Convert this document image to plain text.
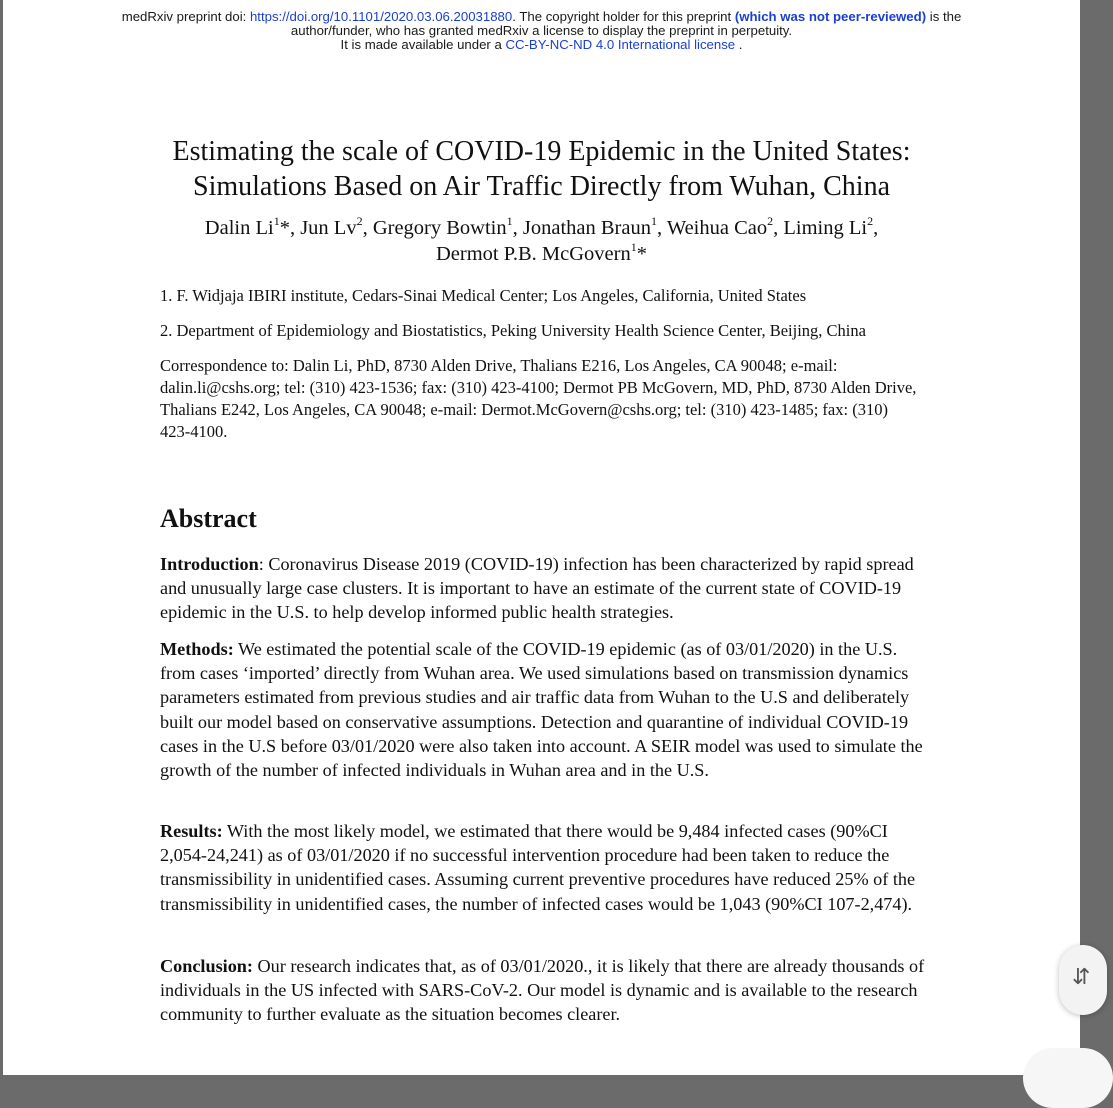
medRxiv preprint doi: https://doi.org/10.1101/2020.03.06.20031880. The copyright holder for this preprint (which was not peer-reviewed) is the
author/funder, who has granted medRxiv a license to display the preprint in perpetuity.
It is made available under a CC-BY-NC-ND 4.0 International license .
Estimating the scale of COVID-19 Epidemic in the United States:
Simulations Based on Air Traffic Directly from Wuhan, China
Dalin Li$^1$*, Jun Lv$^2$, Gregory Bowtin$^1$, Jonathan Braun$^1$, Weihua Cao$^2$, Liming Li$^2$,
Dermot P.B. McGovern$^1$*
1. F. Widjaja IBIRI institute, Cedars-Sinai Medical Center; Los Angeles, California, United States
2. Department of Epidemiology and Biostatistics, Peking University Health Science Center, Beijing, China
Correspondence to: Dalin Li, PhD, 8730 Alden Drive, Thalians E216, Los Angeles, CA 90048; e-mail: dalin.li@cshs.org; tel: (310) 423-1536; fax: (310) 423-4100; Dermot PB McGovern, MD, PhD, 8730 Alden Drive, Thalians E242, Los Angeles, CA 90048; e-mail: Dermot.McGovern@cshs.org; tel: (310) 423-1485; fax: (310) 423-4100.
Abstract
Introduction: Coronavirus Disease 2019 (COVID-19) infection has been characterized by rapid spread and unusually large case clusters. It is important to have an estimate of the current state of COVID-19 epidemic in the U.S. to help develop informed public health strategies.
Methods: We estimated the potential scale of the COVID-19 epidemic (as of 03/01/2020) in the U.S. from cases ‘imported’ directly from Wuhan area. We used simulations based on transmission dynamics parameters estimated from previous studies and air traffic data from Wuhan to the U.S and deliberately built our model based on conservative assumptions. Detection and quarantine of individual COVID-19 cases in the U.S before 03/01/2020 were also taken into account. A SEIR model was used to simulate the growth of the number of infected individuals in Wuhan area and in the U.S.
Results: With the most likely model, we estimated that there would be 9,484 infected cases (90%CI 2,054-24,241) as of 03/01/2020 if no successful intervention procedure had been taken to reduce the transmissibility in unidentified cases. Assuming current preventive procedures have reduced 25% of the transmissibility in unidentified cases, the number of infected cases would be 1,043 (90%CI 107-2,474).
Conclusion: Our research indicates that, as of 03/01/2020., it is likely that there are already thousands of individuals in the US infected with SARS-CoV-2. Our model is dynamic and is available to the research community to further evaluate as the situation becomes clearer.
⇵
